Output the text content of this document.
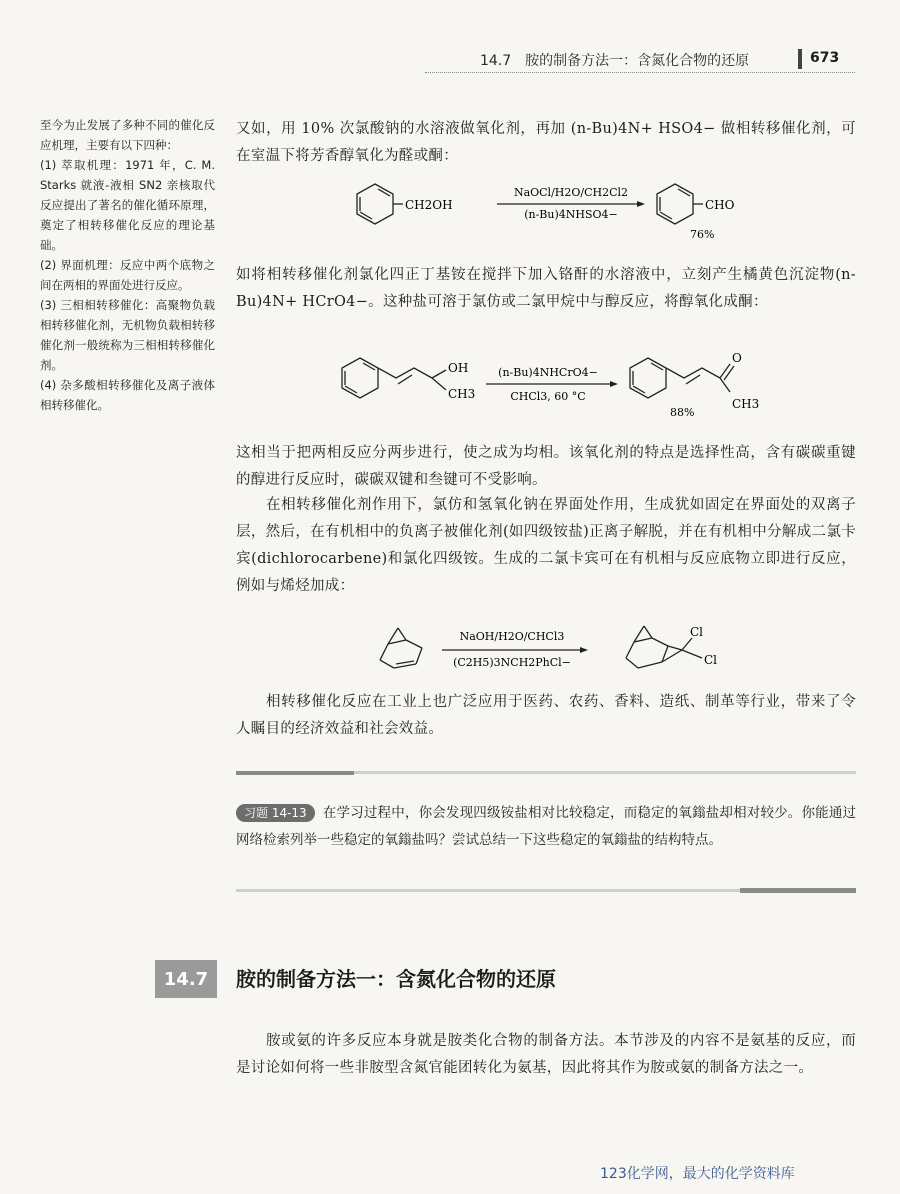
14.7　胺的制备方法一：含氮化合物的还原	673

至今为止发展了多种不同的催化反应机理，主要有以下四种：

(1) 萃取机理：1971 年，C. M. Starks 就液-液相 SN2 亲核取代反应提出了著名的催化循环原理，奠定了相转移催化反应的理论基础。

(2) 界面机理：反应中两个底物之间在两相的界面处进行反应。

(3) 三相相转移催化：高聚物负载相转移催化剂，无机物负载相转移催化剂一般统称为三相相转移催化剂。

(4) 杂多酸相转移催化及离子液体相转移催化。

又如，用 10% 次氯酸钠的水溶液做氧化剂，再加 (n-Bu)4N+ HSO4− 做相转移催化剂，可在室温下将芳香醇氧化为醛或酮：

CH2OH
NaOCl/H2O/CH2Cl2
(n-Bu)4NHSO4−
CHO
76%

如将相转移催化剂氯化四正丁基铵在搅拌下加入铬酐的水溶液中，立刻产生橘黄色沉淀物(n-Bu)4N+ HCrO4−。这种盐可溶于氯仿或二氯甲烷中与醇反应，将醇氧化成酮：

OH
CH3
(n-Bu)4NHCrO4−
CHCl3, 60 °C
O
CH3
88%

这相当于把两相反应分两步进行，使之成为均相。该氧化剂的特点是选择性高，含有碳碳重键的醇进行反应时，碳碳双键和叁键可不受影响。

在相转移催化剂作用下，氯仿和氢氧化钠在界面处作用，生成犹如固定在界面处的双离子层，然后，在有机相中的负离子被催化剂(如四级铵盐)正离子解脱，并在有机相中分解成二氯卡宾(dichlorocarbene)和氯化四级铵。生成的二氯卡宾可在有机相与反应底物立即进行反应，例如与烯烃加成：

NaOH/H2O/CHCl3
(C2H5)3NCH2PhCl−
Cl
Cl

相转移催化反应在工业上也广泛应用于医药、农药、香料、造纸、制革等行业，带来了令人瞩目的经济效益和社会效益。

习题 14-13 在学习过程中，你会发现四级铵盐相对比较稳定，而稳定的氧鎓盐却相对较少。你能通过网络检索列举一些稳定的氧鎓盐吗？尝试总结一下这些稳定的氧鎓盐的结构特点。

14.7	胺的制备方法一：含氮化合物的还原

胺或氨的许多反应本身就是胺类化合物的制备方法。本节涉及的内容不是氨基的反应，而是讨论如何将一些非胺型含氮官能团转化为氨基，因此将其作为胺或氨的制备方法之一。

123化学网，最大的化学资料库
